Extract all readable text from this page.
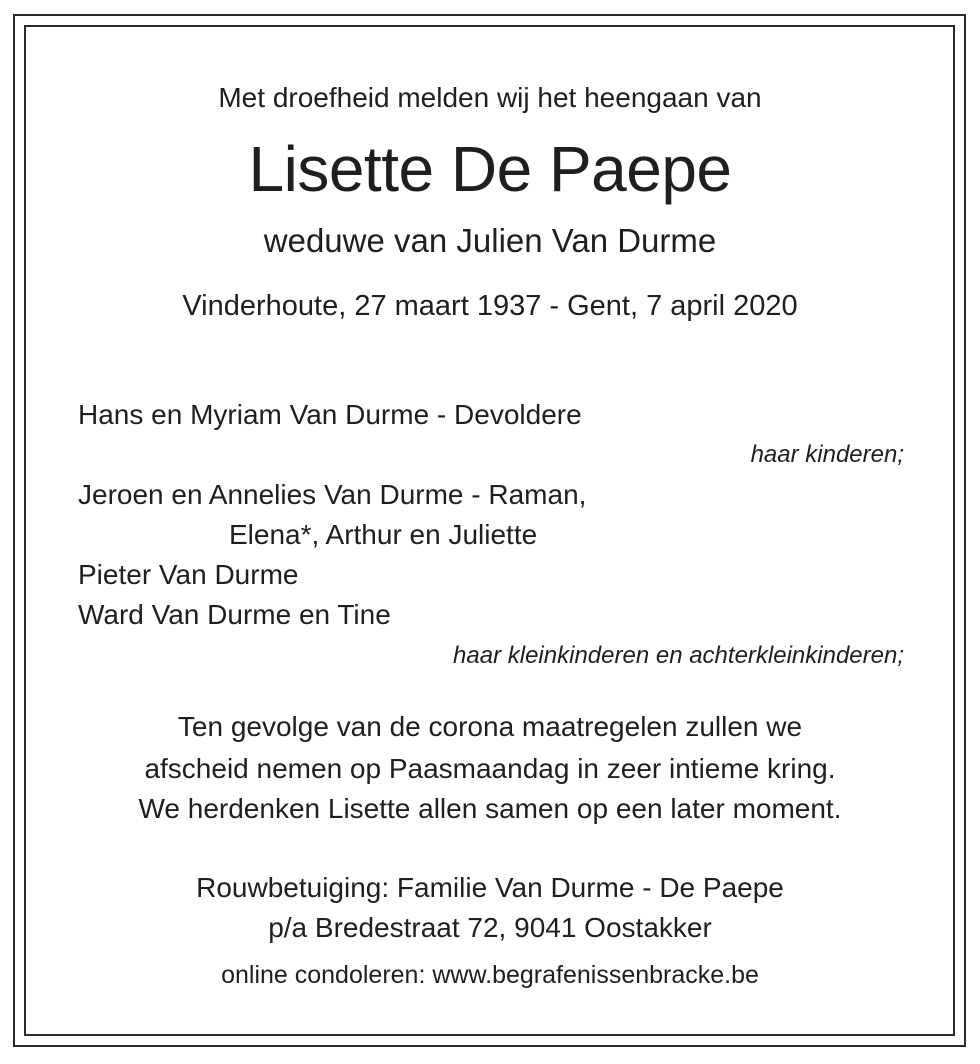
Met droefheid melden wij het heengaan van

Lisette De Paepe

weduwe van Julien Van Durme

Vinderhoute, 27 maart 1937 - Gent, 7 april 2020

Hans en Myriam Van Durme - Devoldere

haar kinderen;

Jeroen en Annelies Van Durme - Raman,

Elena*, Arthur en Juliette

Pieter Van Durme

Ward Van Durme en Tine

haar kleinkinderen en achterkleinkinderen;

Ten gevolge van de corona maatregelen zullen we

afscheid nemen op Paasmaandag in zeer intieme kring.

We herdenken Lisette allen samen op een later moment.

Rouwbetuiging: Familie Van Durme - De Paepe

p/a Bredestraat 72, 9041 Oostakker

online condoleren: www.begrafenissenbracke.be
